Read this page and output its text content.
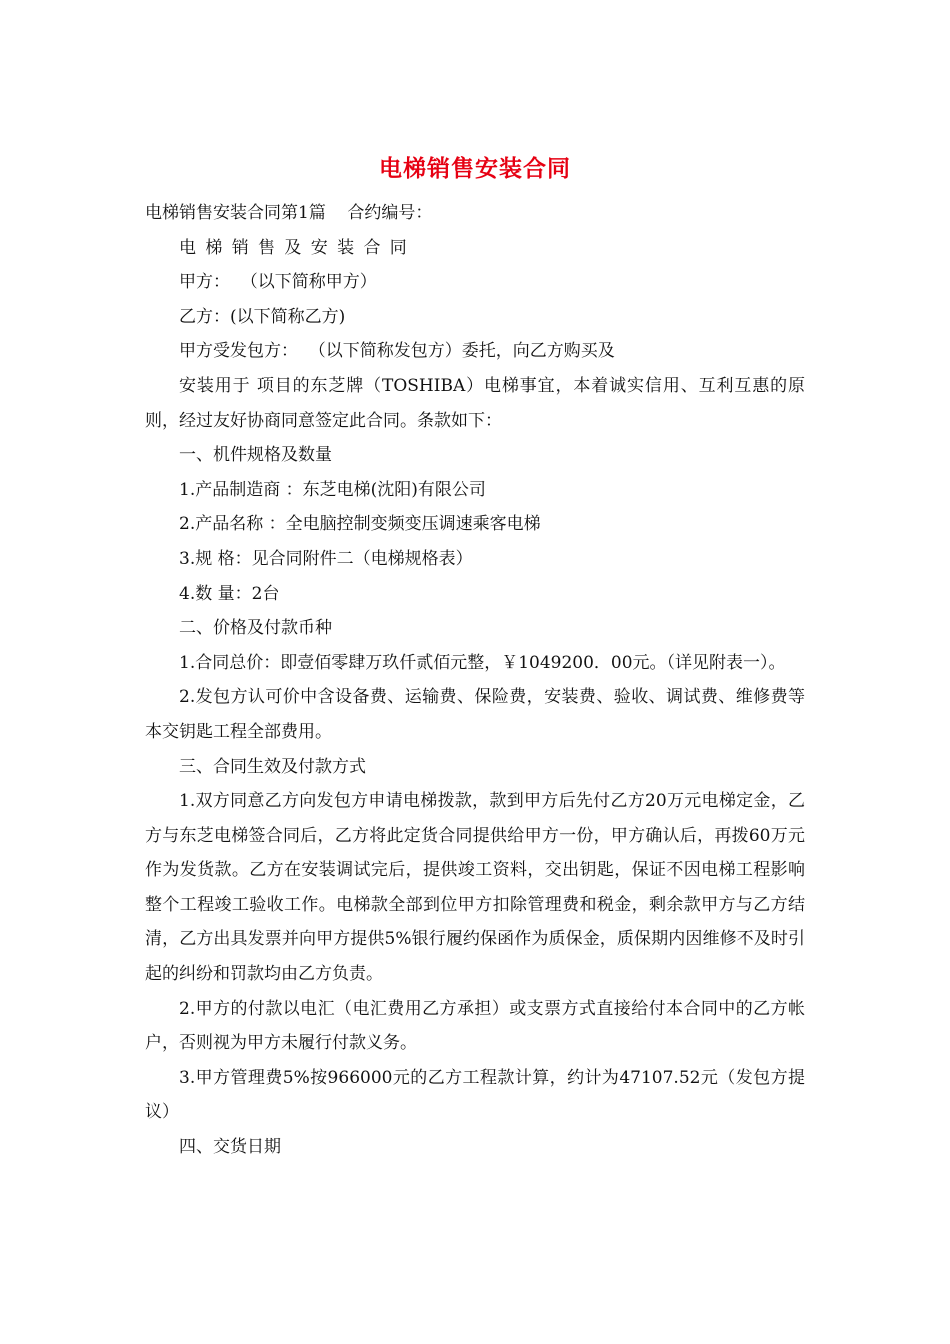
电梯销售安装合同

电梯销售安装合同第1篇    合约编号：

电梯销售及安装合同

甲方：  （以下简称甲方）

乙方：(以下简称乙方)

甲方受发包方：  （以下简称发包方）委托，向乙方购买及

安装用于 项目的东芝牌（TOSHIBA）电梯事宜，本着诚实信用、互利互惠的原则，经过友好协商同意签定此合同。条款如下：

一、机件规格及数量

1.产品制造商 ：东芝电梯(沈阳)有限公司

2.产品名称 ：全电脑控制变频变压调速乘客电梯

3.规 格：见合同附件二（电梯规格表）

4.数 量：2台

二、价格及付款币种

1.合同总价：即壹佰零肆万玖仟贰佰元整，￥1049200．00元。（详见附表一）。

2.发包方认可价中含设备费、运输费、保险费，安装费、验收、调试费、维修费等本交钥匙工程全部费用。

三、合同生效及付款方式

1.双方同意乙方向发包方申请电梯拨款，款到甲方后先付乙方20万元电梯定金，乙方与东芝电梯签合同后，乙方将此定货合同提供给甲方一份，甲方确认后，再拨60万元作为发货款。乙方在安装调试完后，提供竣工资料，交出钥匙，保证不因电梯工程影响整个工程竣工验收工作。电梯款全部到位甲方扣除管理费和税金，剩余款甲方与乙方结清，乙方出具发票并向甲方提供5%银行履约保函作为质保金，质保期内因维修不及时引起的纠纷和罚款均由乙方负责。

2.甲方的付款以电汇（电汇费用乙方承担）或支票方式直接给付本合同中的乙方帐户，否则视为甲方未履行付款义务。

3.甲方管理费5%按966000元的乙方工程款计算，约计为47107.52元（发包方提议）

四、交货日期
